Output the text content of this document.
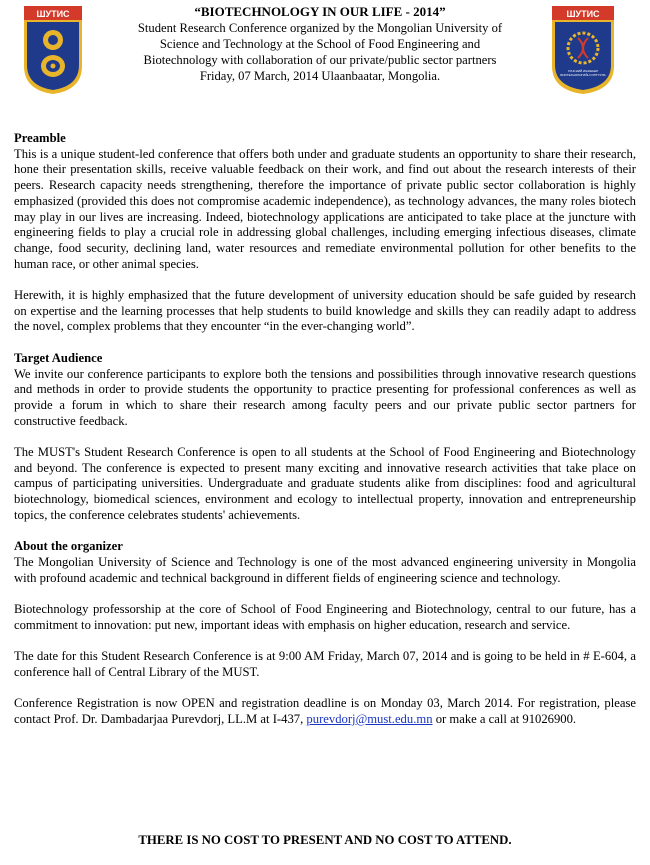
ШУТИС	“BIOTECHNOLOGY IN OUR LIFE - 2014”
Student Research Conference organized by the Mongolian University of
Science and Technology at the School of Food Engineering and
Biotechnology with collaboration of our private/public sector partners
Friday, 07 March, 2014 Ulaanbaatar, Mongolia.
ШУТИС
ХҮНСНИЙ ИНЖЕНЕР
БИОТЕХНОЛОГИЙН СУРГУУЛЬ
Preamble

This is a unique student-led conference that offers both under and graduate students an opportunity to share their research, hone their presentation skills, receive valuable feedback on their work, and find out about the research interests of their peers. Research capacity needs strengthening, therefore the importance of private public sector collaboration is highly emphasized (provided this does not compromise academic independence), as technology advances, the many roles biotech may play in our lives are increasing. Indeed, biotechnology applications are anticipated to take place at the juncture with engineering fields to play a crucial role in addressing global challenges, including emerging infectious diseases, climate change, food security, declining land, water resources and remediate environmental pollution for other benefits to the human race, or other animal species.

Herewith, it is highly emphasized that the future development of university education should be safe guided by research on expertise and the learning processes that help students to build knowledge and skills they can readily adapt to address the novel, complex problems that they encounter “in the ever-changing world”.

Target Audience

We invite our conference participants to explore both the tensions and possibilities through innovative research questions and methods in order to provide students the opportunity to practice presenting for professional conferences as well as provide a forum in which to share their research among faculty peers and our private public sector partners for constructive feedback.

The MUST's Student Research Conference is open to all students at the School of Food Engineering and Biotechnology and beyond. The conference is expected to present many exciting and innovative research activities that take place on campus of participating universities. Undergraduate and graduate students alike from disciplines: food and agricultural biotechnology, biomedical sciences, environment and ecology to intellectual property, innovation and entrepreneurship topics, the conference celebrates students' achievements.

About the organizer

The Mongolian University of Science and Technology is one of the most advanced engineering university in Mongolia with profound academic and technical background in different fields of engineering science and technology.

Biotechnology professorship at the core of School of Food Engineering and Biotechnology, central to our future, has a commitment to innovation: put new, important ideas with emphasis on higher education, research and service.

The date for this Student Research Conference is at 9:00 AM Friday, March 07, 2014 and is going to be held in # E-604, a conference hall of Central Library of the MUST.

Conference Registration is now OPEN and registration deadline is on Monday 03, March 2014. For registration, please contact Prof. Dr. Dambadarjaa Purevdorj, LL.M at I-437, purevdorj@must.edu.mn or make a call at 91026900.

THERE IS NO COST TO PRESENT AND NO COST TO ATTEND.
